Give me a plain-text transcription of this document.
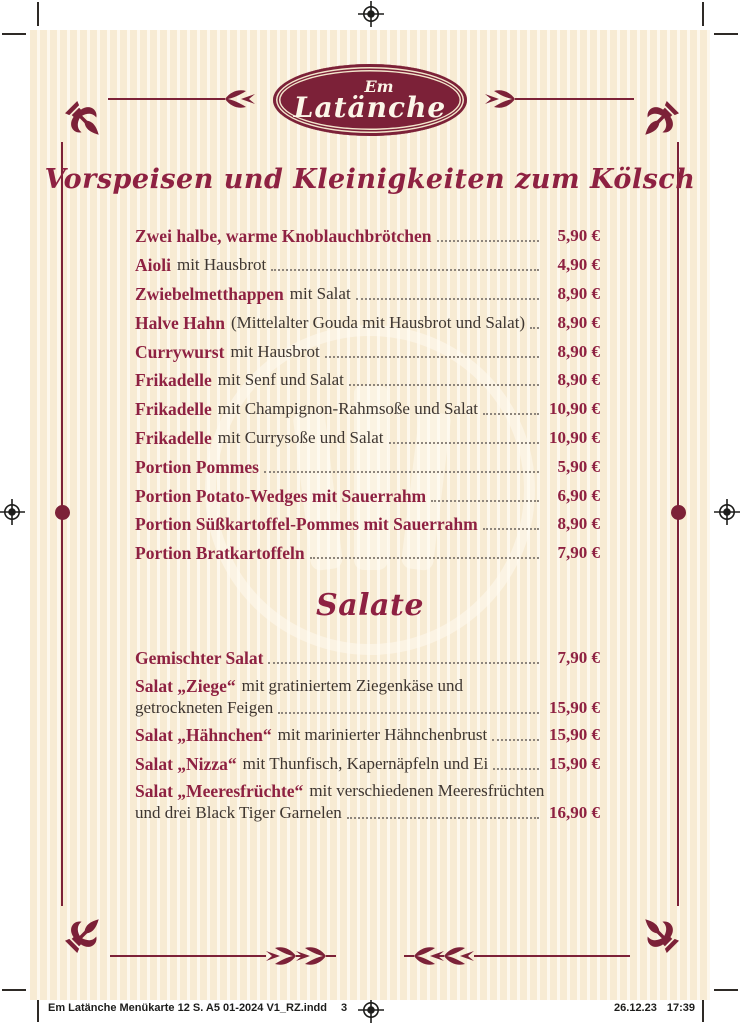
Em
Latänche
Vorspeisen und Kleinigkeiten zum Kölsch
Salate
Zwei halbe, warme Knoblauchbrötchen	5,90 €
Aioli mit Hausbrot	4,90 €
Zwiebelmetthappen mit Salat	8,90 €
Halve Hahn (Mittelalter Gouda mit Hausbrot und Salat)	8,90 €
Currywurst mit Hausbrot	8,90 €
Frikadelle mit Senf und Salat	8,90 €
Frikadelle mit Champignon-Rahmsoße und Salat	10,90 €
Frikadelle mit Currysoße und Salat	10,90 €
Portion Pommes	5,90 €
Portion Potato-Wedges mit Sauerrahm	6,90 €
Portion Süßkartoffel-Pommes mit Sauerrahm	8,90 €
Portion Bratkartoffeln	7,90 €
Gemischter Salat	7,90 €
Salat „Ziege“ mit gratiniertem Ziegenkäse und
getrockneten Feigen	15,90 €
Salat „Hähnchen“ mit marinierter Hähnchenbrust	15,90 €
Salat „Nizza“ mit Thunfisch, Kapernäpfeln und Ei	15,90 €
Salat „Meeresfrüchte“ mit verschiedenen Meeresfrüchten
und drei Black Tiger Garnelen	16,90 €
Em Latänche Menükarte 12 S. A5 01-2024 V1_RZ.indd 3	26.12.23 17:39
